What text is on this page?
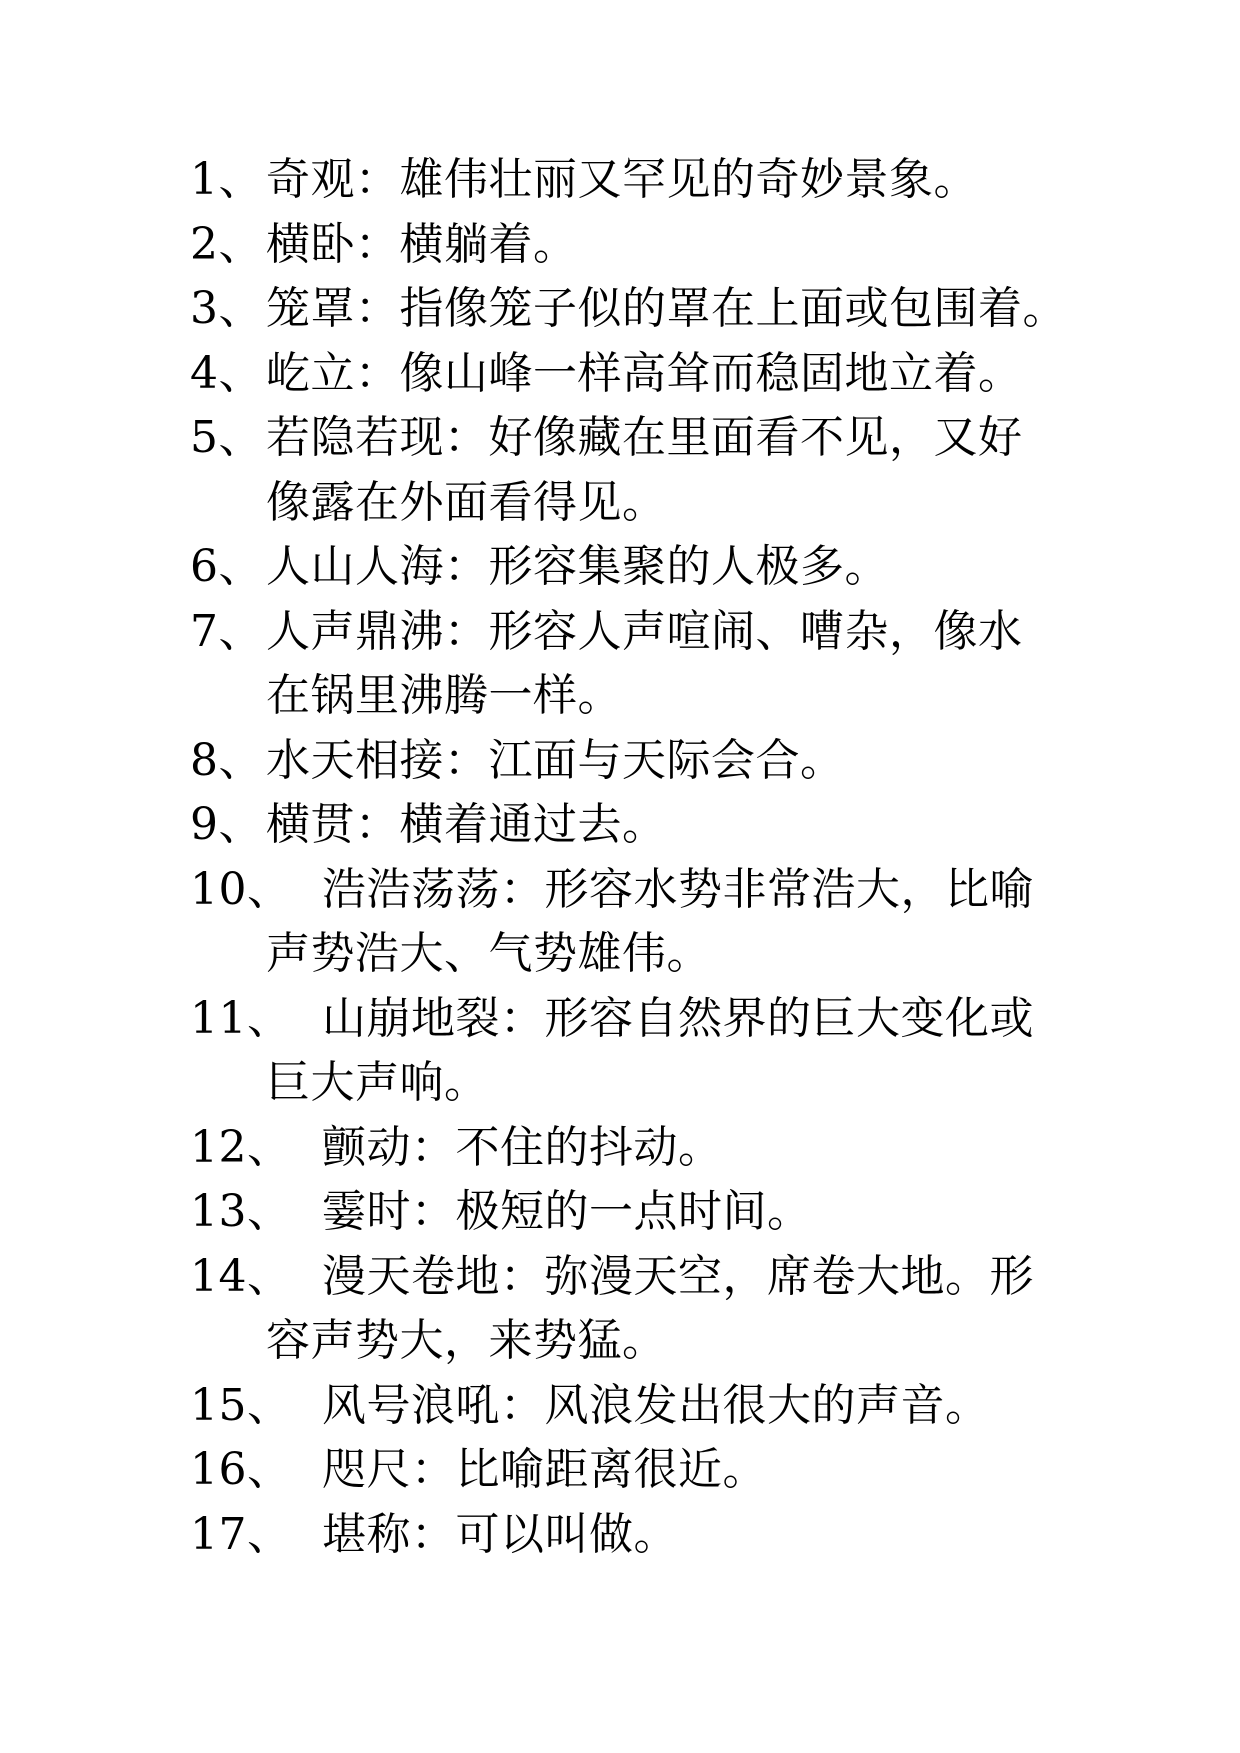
1、 奇观：雄伟壮丽又罕见的奇妙景象。
2、 横卧：横躺着。
3、 笼罩：指像笼子似的罩在上面或包围着。
4、 屹立：像山峰一样高耸而稳固地立着。
5、 若隐若现：好像藏在里面看不见，又好
像露在外面看得见。
6、 人山人海：形容集聚的人极多。
7、 人声鼎沸：形容人声喧闹、嘈杂，像水
在锅里沸腾一样。
8、 水天相接：江面与天际会合。
9、 横贯：横着通过去。
10、 浩浩荡荡：形容水势非常浩大，比喻
声势浩大、气势雄伟。
11、 山崩地裂：形容自然界的巨大变化或
巨大声响。
12、 颤动：不住的抖动。
13、 霎时：极短的一点时间。
14、 漫天卷地：弥漫天空，席卷大地。形
容声势大，来势猛。
15、 风号浪吼：风浪发出很大的声音。
16、 咫尺：比喻距离很近。
17、 堪称：可以叫做。
